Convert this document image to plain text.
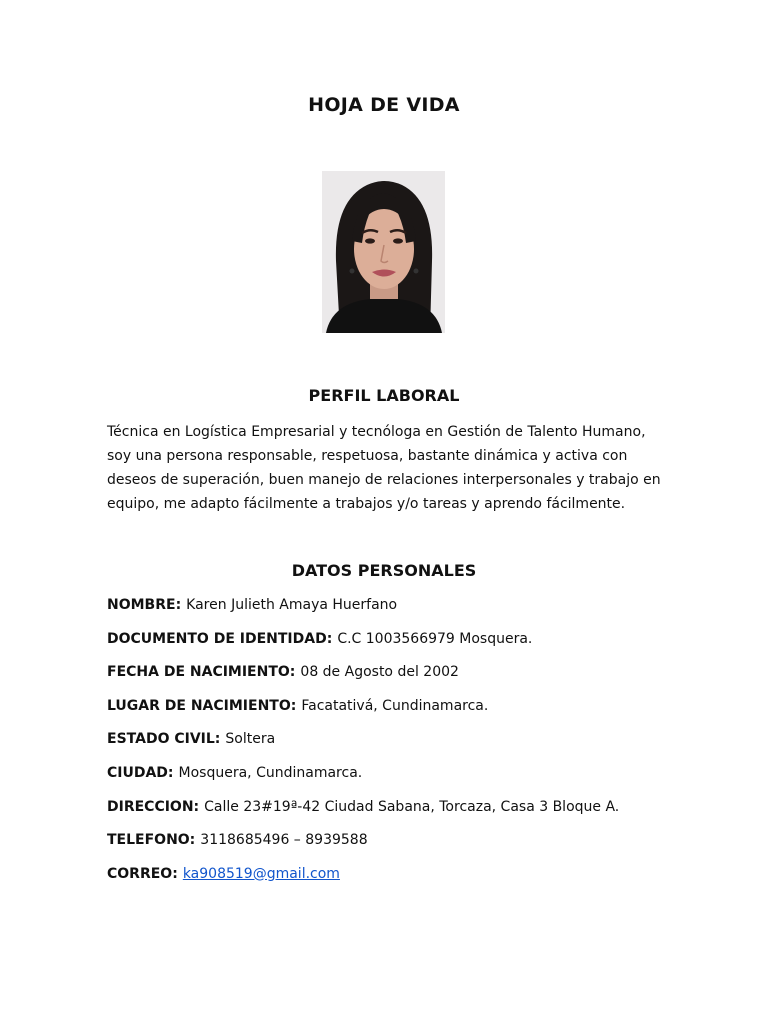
HOJA DE VIDA
PERFIL LABORAL

Técnica en Logística Empresarial y tecnóloga en Gestión de Talento Humano, soy una persona responsable, respetuosa, bastante dinámica y activa con deseos de superación, buen manejo de relaciones interpersonales y trabajo en equipo, me adapto fácilmente a trabajos y/o tareas y aprendo fácilmente.

DATOS PERSONALES
NOMBRE: Karen Julieth Amaya Huerfano
DOCUMENTO DE IDENTIDAD: C.C 1003566979 Mosquera.
FECHA DE NACIMIENTO: 08 de Agosto del 2002
LUGAR DE NACIMIENTO: Facatativá, Cundinamarca.
ESTADO CIVIL: Soltera
CIUDAD: Mosquera, Cundinamarca.
DIRECCION: Calle 23#19ª-42 Ciudad Sabana, Torcaza, Casa 3 Bloque A.
TELEFONO: 3118685496 – 8939588
CORREO: ka908519@gmail.com
